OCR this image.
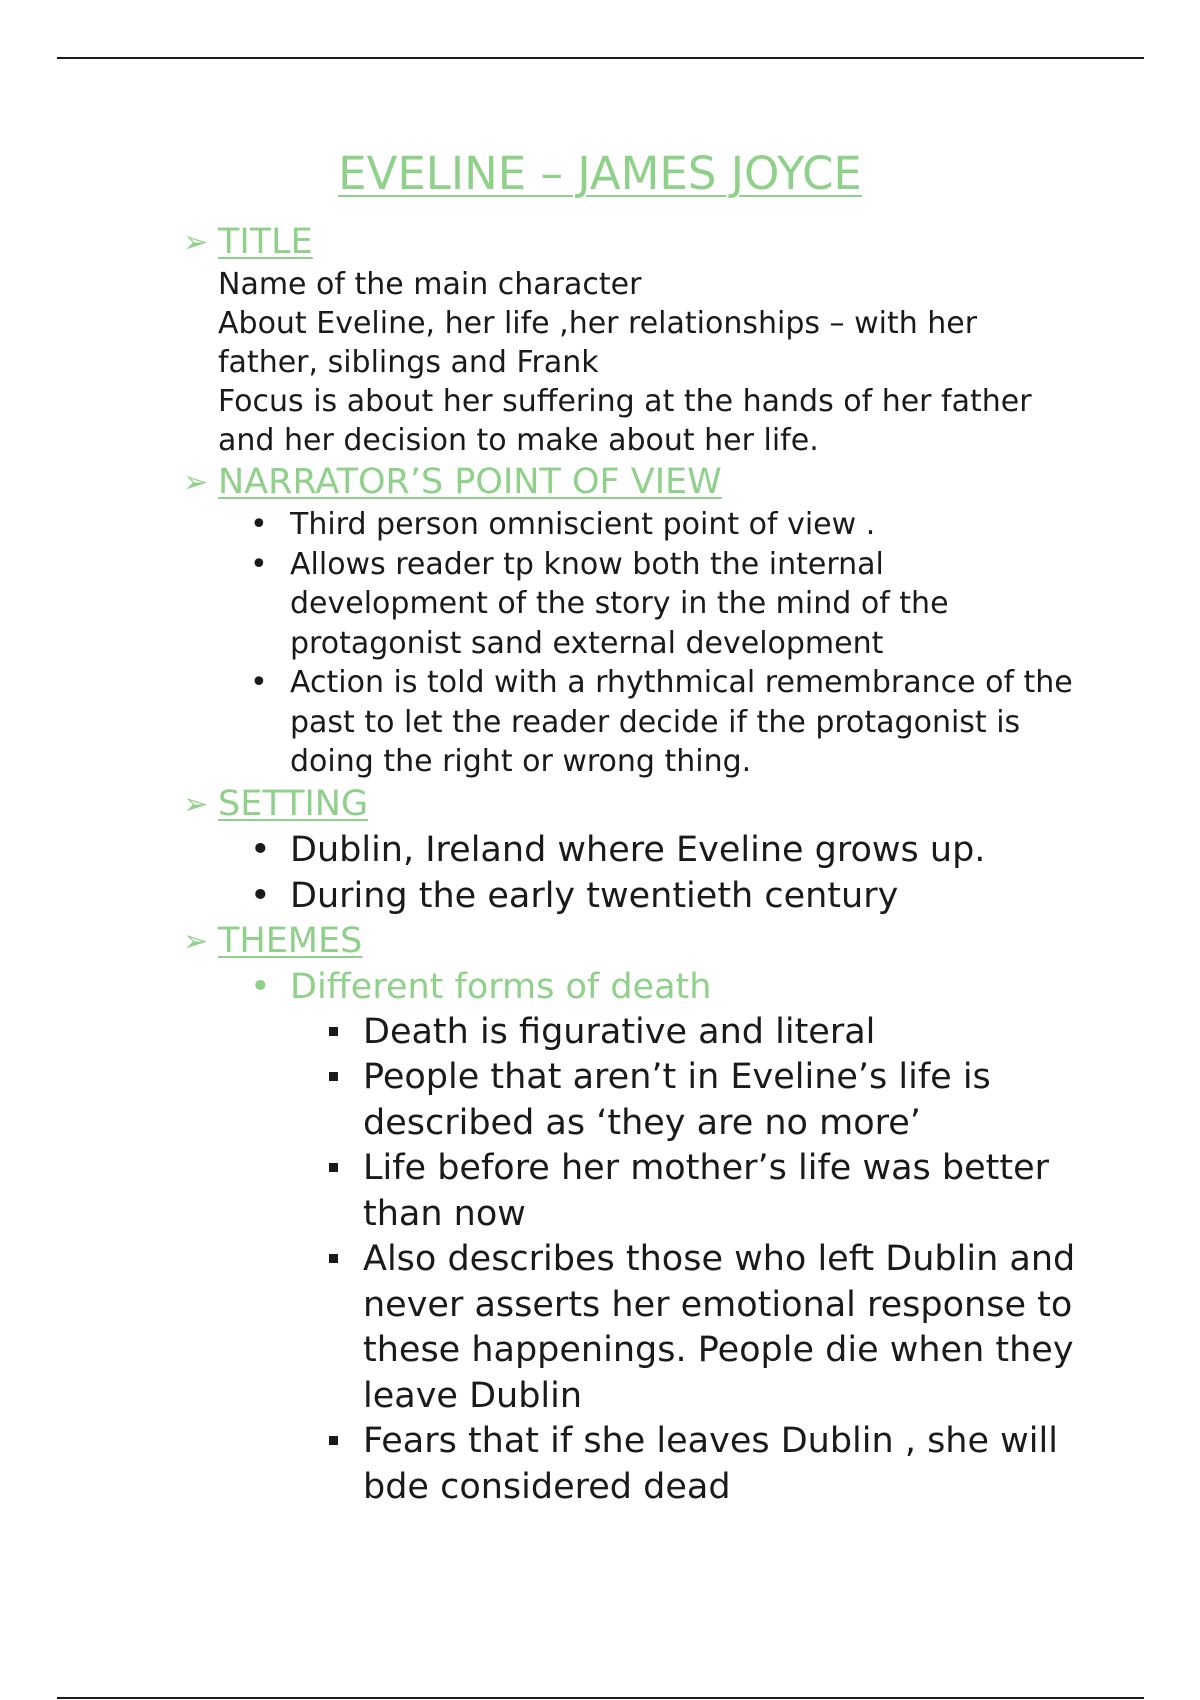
EVELINE – JAMES JOYCE
➢ TITLE
Name of the main character
About Eveline, her life ,her relationships – with her father, siblings and Frank
Focus is about her suffering at the hands of her father and her decision to make about her life.
➢ NARRATOR’S POINT OF VIEW
• Third person omniscient point of view .
• Allows reader tp know both the internal development of the story in the mind of the protagonist sand external development
• Action is told with a rhythmical remembrance of the past to let the reader decide if the protagonist is doing the right or wrong thing.
➢ SETTING
• Dublin, Ireland where Eveline grows up.
• During the early twentieth century
➢ THEMES
• Different forms of death
Death is figurative and literal
People that aren’t in Eveline’s life is described as ‘they are no more’
Life before her mother’s life was better than now
Also describes those who left Dublin and never asserts her emotional response to these happenings. People die when they leave Dublin
Fears that if she leaves Dublin , she will bde considered dead
